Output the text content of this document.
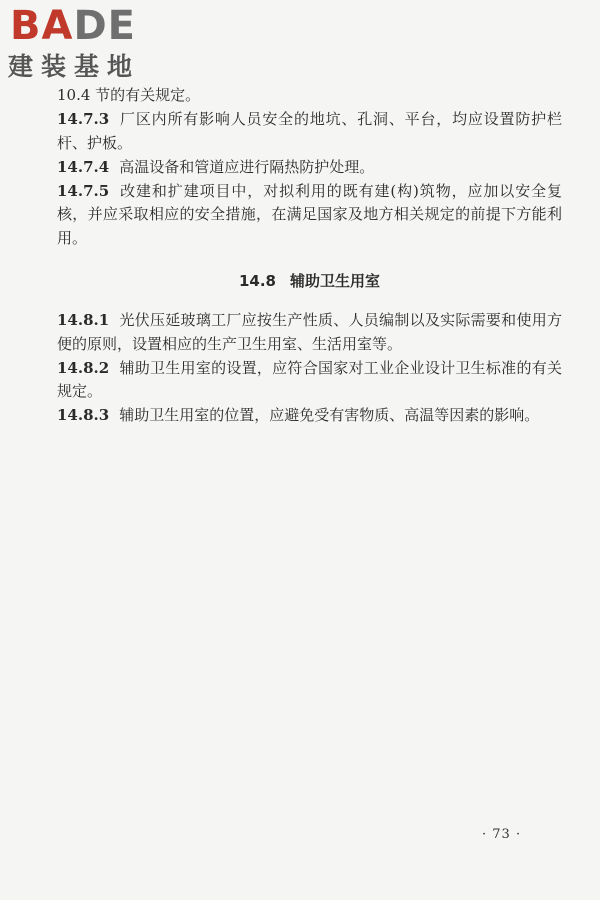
BADE
建装基地

10.4 节的有关规定。

14.7.3 厂区内所有影响人员安全的地坑、孔洞、平台，均应设置防护栏杆、护板。

14.7.4 高温设备和管道应进行隔热防护处理。

14.7.5 改建和扩建项目中，对拟利用的既有建(构)筑物，应加以安全复核，并应采取相应的安全措施，在满足国家及地方相关规定的前提下方能利用。

14.8 辅助卫生用室

14.8.1 光伏压延玻璃工厂应按生产性质、人员编制以及实际需要和使用方便的原则，设置相应的生产卫生用室、生活用室等。

14.8.2 辅助卫生用室的设置，应符合国家对工业企业设计卫生标准的有关规定。

14.8.3 辅助卫生用室的位置，应避免受有害物质、高温等因素的影响。

· 73 ·
